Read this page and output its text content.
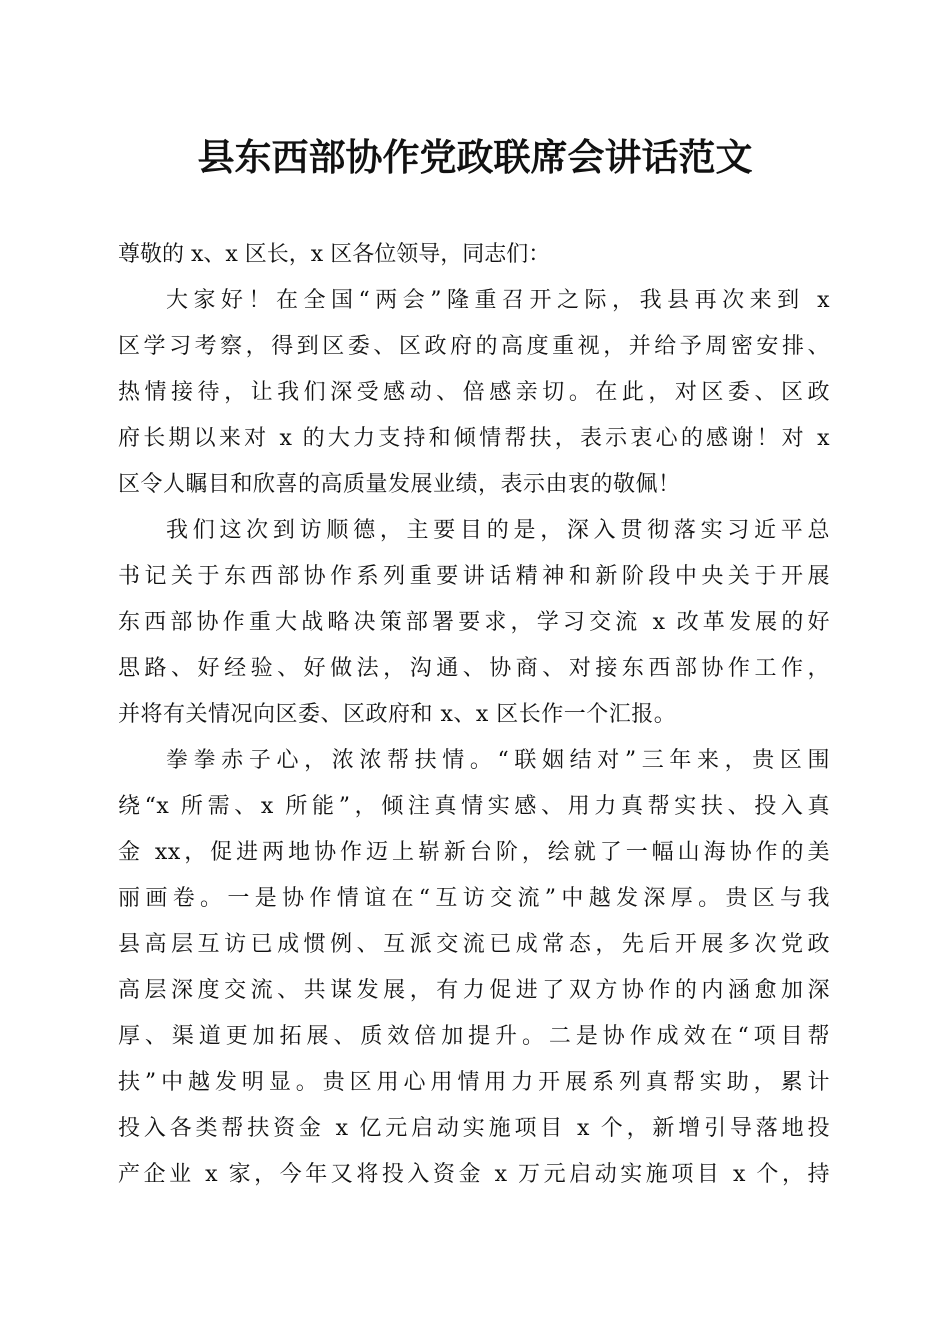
县东西部协作党政联席会讲话范文
尊敬的 x、x 区长，x 区各位领导，同志们：
大家好！在全国“两会”隆重召开之际，我县再次来到 x
区学习考察，得到区委、区政府的高度重视，并给予周密安排、
热情接待，让我们深受感动、倍感亲切。在此，对区委、区政
府长期以来对 x 的大力支持和倾情帮扶，表示衷心的感谢！对 x
区令人瞩目和欣喜的高质量发展业绩，表示由衷的敬佩！
我们这次到访顺德，主要目的是，深入贯彻落实习近平总
书记关于东西部协作系列重要讲话精神和新阶段中央关于开展
东西部协作重大战略决策部署要求，学习交流 x 改革发展的好
思路、好经验、好做法，沟通、协商、对接东西部协作工作，
并将有关情况向区委、区政府和 x、x 区长作一个汇报。
拳拳赤子心，浓浓帮扶情。“联姻结对”三年来，贵区围
绕“x 所需、x 所能”，倾注真情实感、用力真帮实扶、投入真
金 xx，促进两地协作迈上崭新台阶，绘就了一幅山海协作的美
丽画卷。一是协作情谊在“互访交流”中越发深厚。贵区与我
县高层互访已成惯例、互派交流已成常态，先后开展多次党政
高层深度交流、共谋发展，有力促进了双方协作的内涵愈加深
厚、渠道更加拓展、质效倍加提升。二是协作成效在“项目帮
扶”中越发明显。贵区用心用情用力开展系列真帮实助，累计
投入各类帮扶资金 x 亿元启动实施项目 x 个，新增引导落地投
产企业 x 家，今年又将投入资金 x 万元启动实施项目 x 个，持
